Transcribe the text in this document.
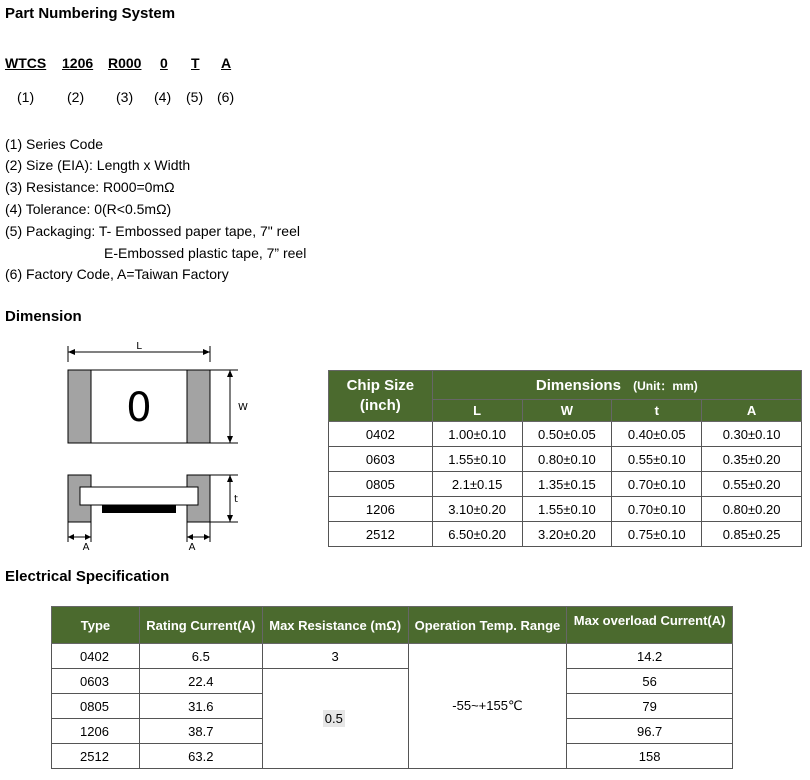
Part Numbering System
WTCS 1206 R000 0 T A
(1) (2) (3) (4) (5) (6)
(1) Series Code
(2) Size (EIA): Length x Width
(3) Resistance: R000=0mΩ
(4) Tolerance: 0(R<0.5mΩ)
(5) Packaging: T- Embossed paper tape, 7" reel
E-Embossed plastic tape, 7” reel
(6) Factory Code, A=Taiwan Factory
Dimension
L
0	W
t
A	A
Chip Size
(inch)	Dimensions (Unit：mm)			
	L	W	t	A
0402	1.00±0.10	0.50±0.05	0.40±0.05	0.30±0.10
0603	1.55±0.10	0.80±0.10	0.55±0.10	0.35±0.20
0805	2.1±0.15	1.35±0.15	0.70±0.10	0.55±0.20
1206	3.10±0.20	1.55±0.10	0.70±0.10	0.80±0.20
2512	6.50±0.20	3.20±0.20	0.75±0.10	0.85±0.25
Electrical Specification
Type	Rating Current(A)	Max Resistance (mΩ)	Operation Temp. Range	Max overload Current(A)
0402	6.5	3	-55~+155℃	14.2
0603	22.4	0.5		56
0805	31.6			79
1206	38.7			96.7
2512	63.2			158
